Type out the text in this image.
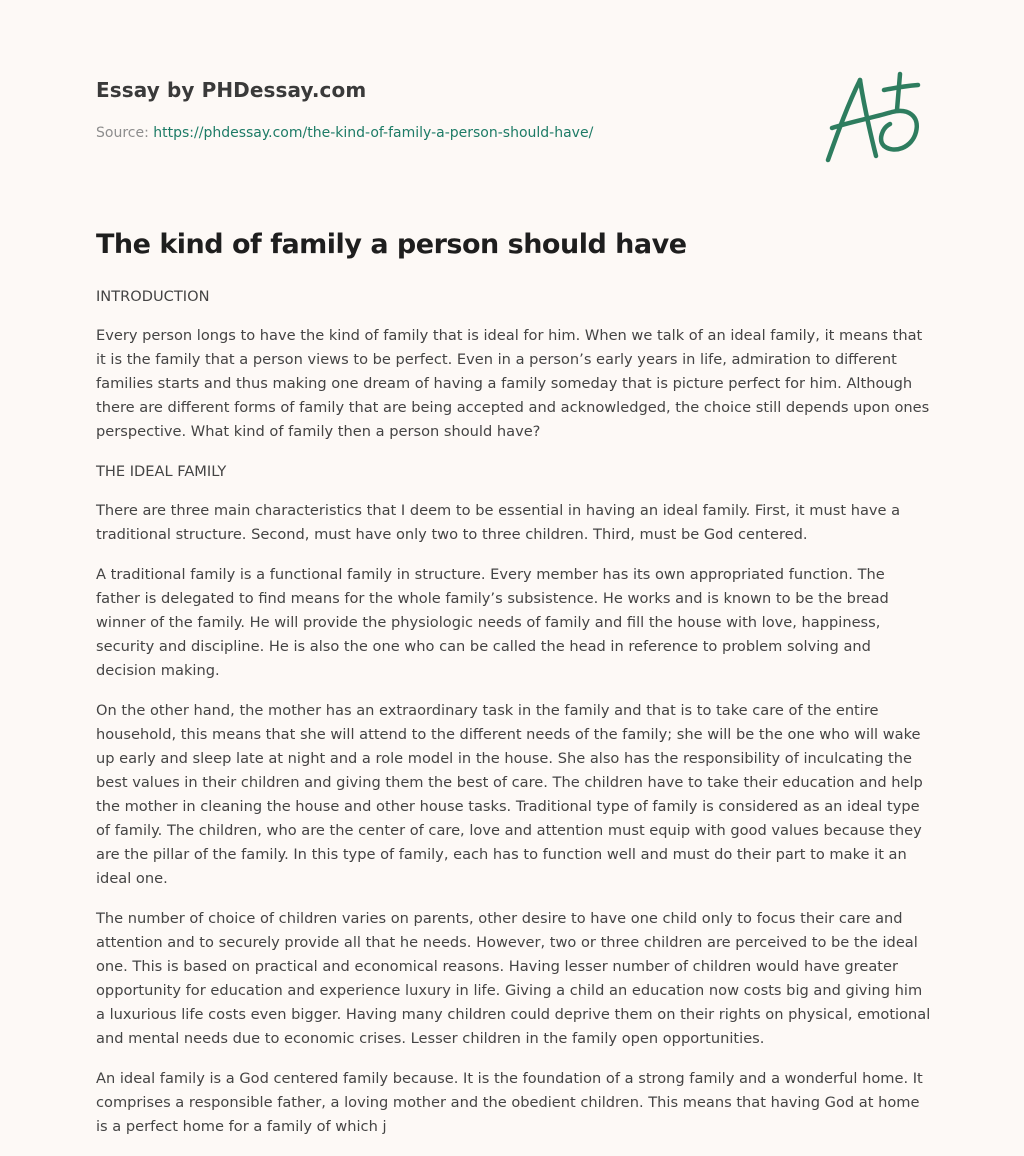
Essay by PHDessay.com
Source: https://phdessay.com/the-kind-of-family-a-person-should-have/
The kind of family a person should have

INTRODUCTION

Every person longs to have the kind of family that is ideal for him. When we talk of an ideal family, it means that it is the family that a person views to be perfect. Even in a person’s early years in life, admiration to different families starts and thus making one dream of having a family someday that is picture perfect for him. Although there are different forms of family that are being accepted and acknowledged, the choice still depends upon ones perspective. What kind of family then a person should have?

THE IDEAL FAMILY

There are three main characteristics that I deem to be essential in having an ideal family. First, it must have a traditional structure. Second, must have only two to three children. Third, must be God centered.

A traditional family is a functional family in structure. Every member has its own appropriated function. The father is delegated to find means for the whole family’s subsistence. He works and is known to be the bread winner of the family. He will provide the physiologic needs of family and fill the house with love, happiness, security and discipline. He is also the one who can be called the head in reference to problem solving and decision making.

On the other hand, the mother has an extraordinary task in the family and that is to take care of the entire household, this means that she will attend to the different needs of the family; she will be the one who will wake up early and sleep late at night and a role model in the house. She also has the responsibility of inculcating the best values in their children and giving them the best of care. The children have to take their education and help the mother in cleaning the house and other house tasks. Traditional type of family is considered as an ideal type of family. The children, who are the center of care, love and attention must equip with good values because they are the pillar of the family. In this type of family, each has to function well and must do their part to make it an ideal one.

The number of choice of children varies on parents, other desire to have one child only to focus their care and attention and to securely provide all that he needs. However, two or three children are perceived to be the ideal one. This is based on practical and economical reasons. Having lesser number of children would have greater opportunity for education and experience luxury in life. Giving a child an education now costs big and giving him a luxurious life costs even bigger. Having many children could deprive them on their rights on physical, emotional and mental needs due to economic crises. Lesser children in the family open opportunities.

An ideal family is a God centered family because. It is the foundation of a strong family and a wonderful home. It comprises a responsible father, a loving mother and the obedient children. This means that having God at home is a perfect home for a family of which j
